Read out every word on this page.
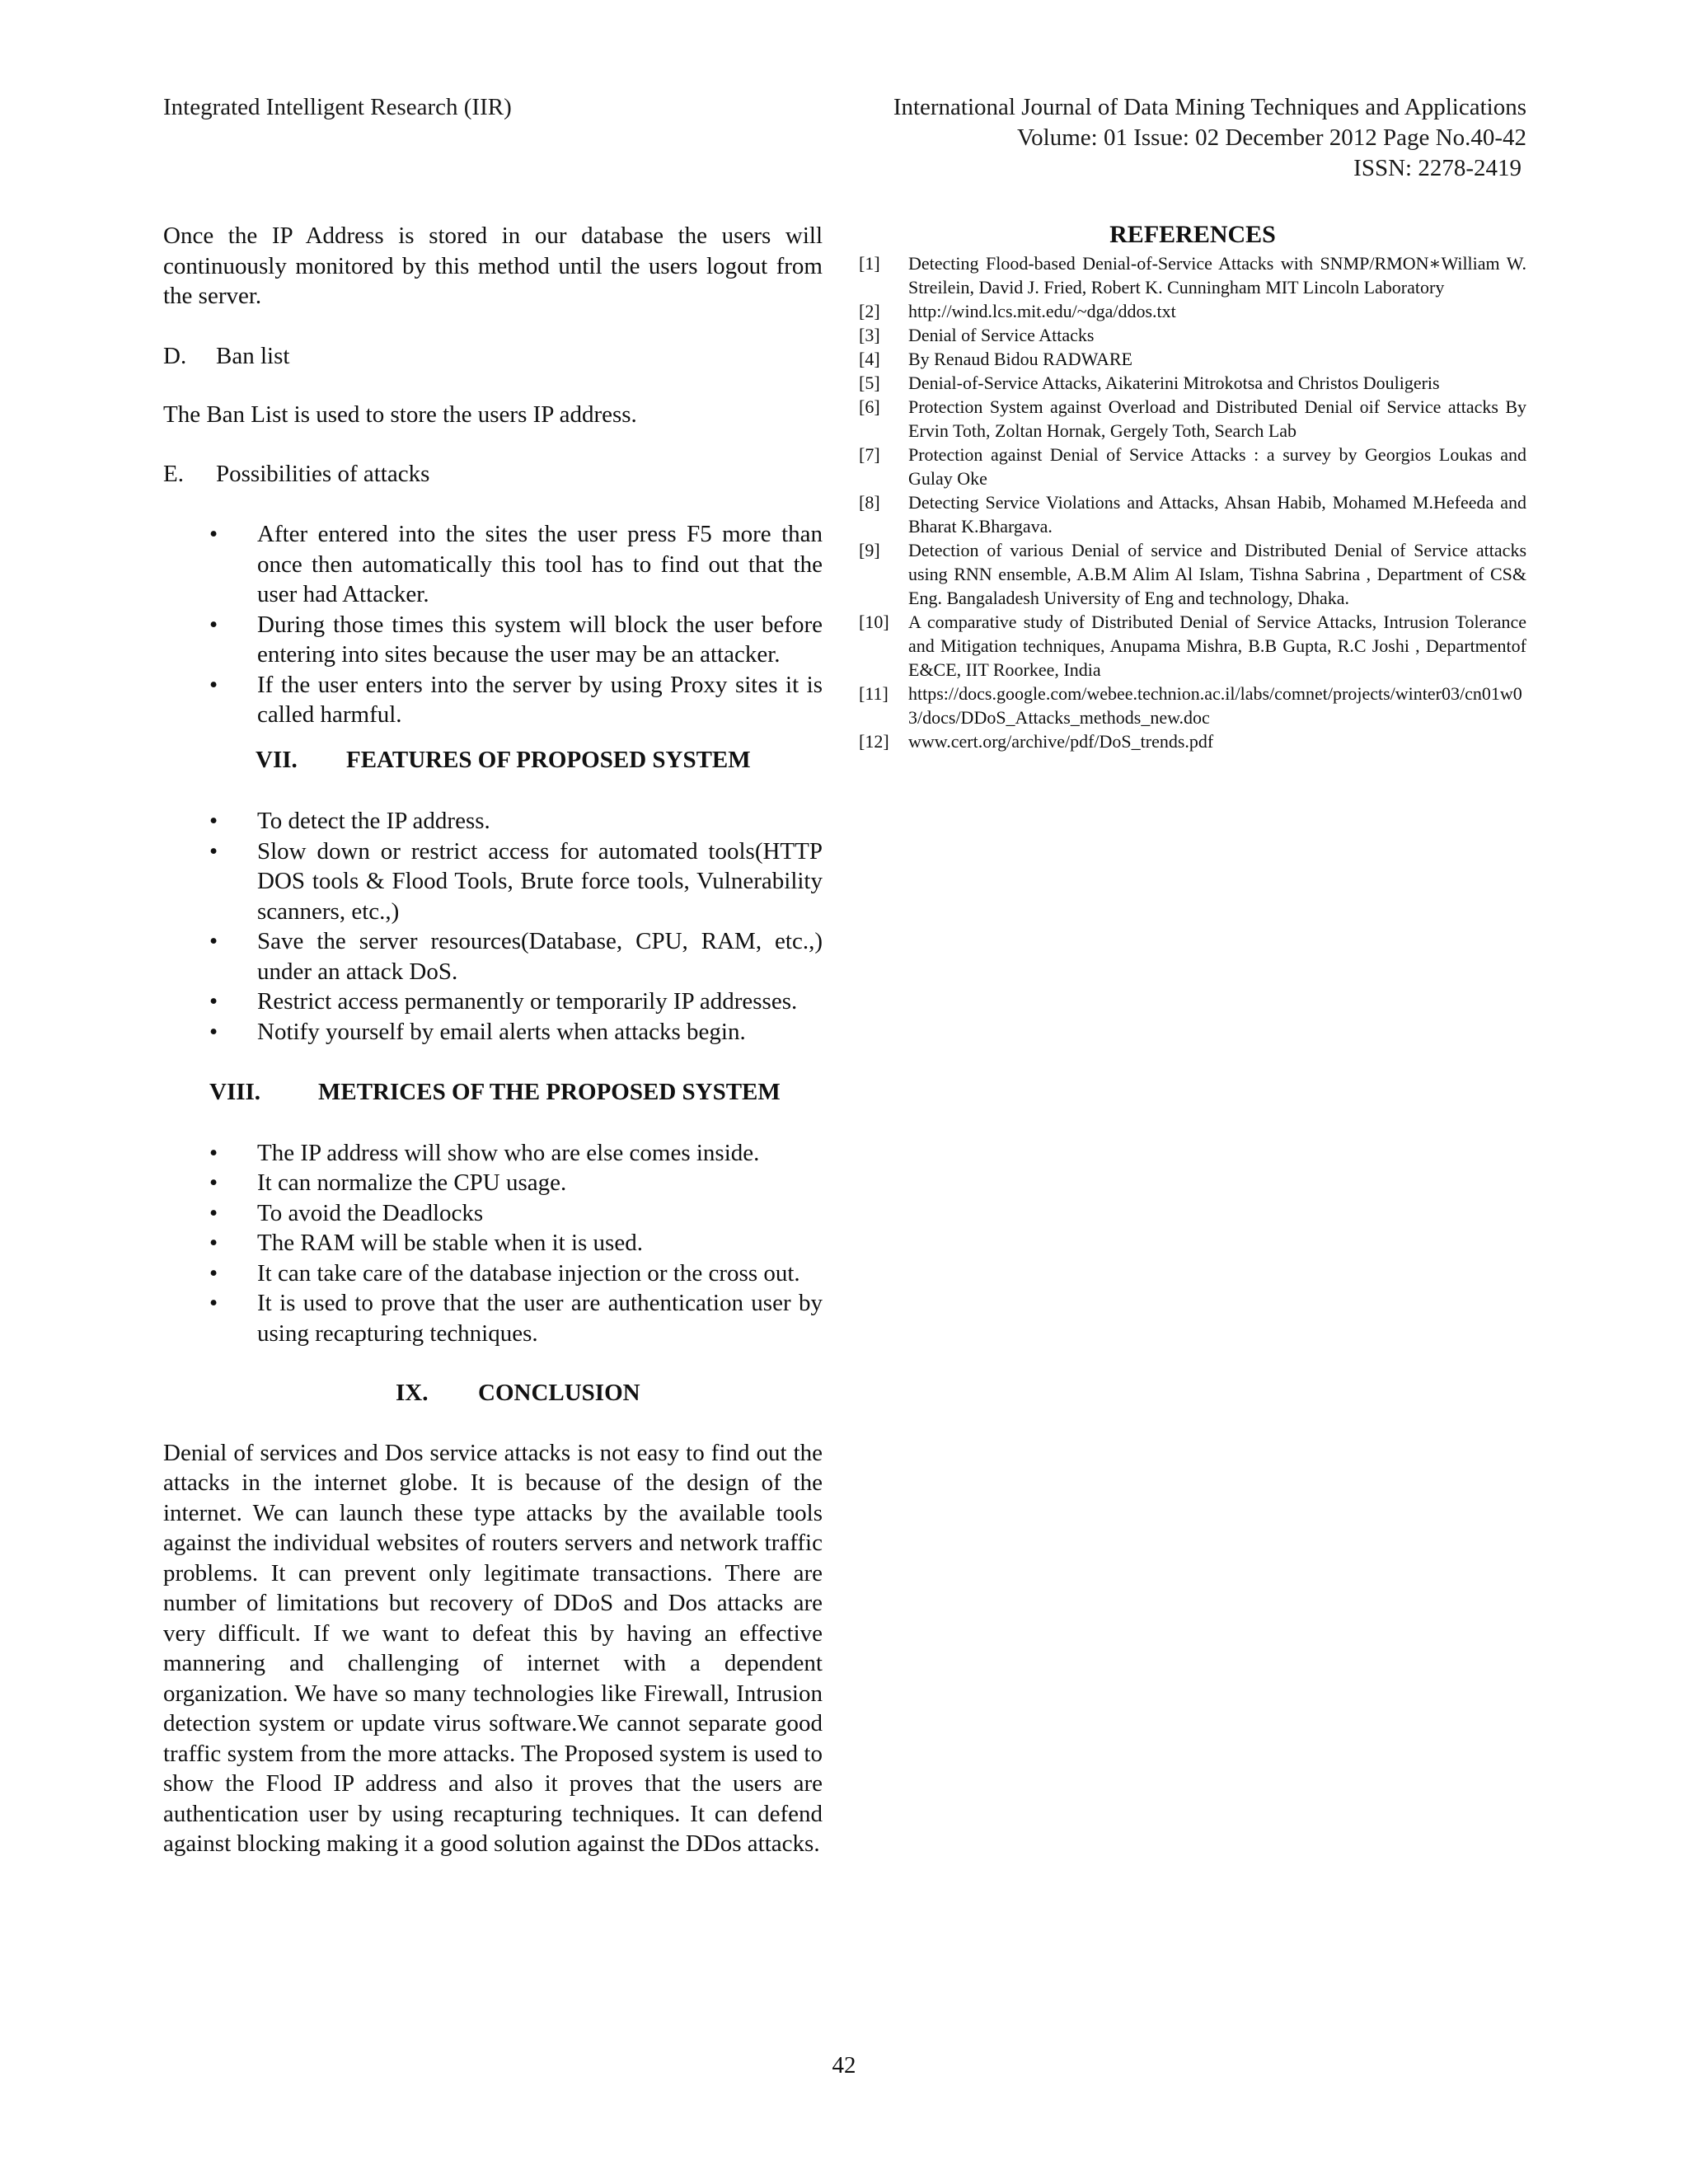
Integrated Intelligent Research (IIR)	International Journal of Data Mining Techniques and Applications
Volume: 01 Issue: 02 December 2012 Page No.40-42
ISSN: 2278-2419

Once the IP Address is stored in our database the users will continuously monitored by this method until the users logout from the server.

D. Ban list

The Ban List is used to store the users IP address.

E. Possibilities of attacks

• After entered into the sites the user press F5 more than once then automatically this tool has to find out that the user had Attacker.
• During those times this system will block the user before entering into sites because the user may be an attacker.
• If the user enters into the server by using Proxy sites it is called harmful.

VII. FEATURES OF PROPOSED SYSTEM

• To detect the IP address.
• Slow down or restrict access for automated tools(HTTP DOS tools & Flood Tools, Brute force tools, Vulnerability scanners, etc.,)
• Save the server resources(Database, CPU, RAM, etc.,) under an attack DoS.
• Restrict access permanently or temporarily IP addresses.
• Notify yourself by email alerts when attacks begin.

VIII. METRICES OF THE PROPOSED SYSTEM

• The IP address will show who are else comes inside.
• It can normalize the CPU usage.
• To avoid the Deadlocks
• The RAM will be stable when it is used.
• It can take care of the database injection or the cross out.
• It is used to prove that the user are authentication user by using recapturing techniques.

IX. CONCLUSION

Denial of services and Dos service attacks is not easy to find out the attacks in the internet globe. It is because of the design of the internet. We can launch these type attacks by the available tools against the individual websites of routers servers and network traffic problems. It can prevent only legitimate transactions. There are number of limitations but recovery of DDoS and Dos attacks are very difficult. If we want to defeat this by having an effective mannering and challenging of internet with a dependent organization. We have so many technologies like Firewall, Intrusion detection system or update virus software.We cannot separate good traffic system from the more attacks. The Proposed system is used to show the Flood IP address and also it proves that the users are authentication user by using recapturing techniques. It can defend against blocking making it a good solution against the DDos attacks.

REFERENCES

[1] Detecting Flood-based Denial-of-Service Attacks with SNMP/RMON∗William W. Streilein, David J. Fried, Robert K. Cunningham MIT Lincoln Laboratory
[2] http://wind.lcs.mit.edu/~dga/ddos.txt
[3] Denial of Service Attacks
[4] By Renaud Bidou RADWARE
[5] Denial-of-Service Attacks, Aikaterini Mitrokotsa and Christos Douligeris
[6] Protection System against Overload and Distributed Denial oif Service attacks By Ervin Toth, Zoltan Hornak, Gergely Toth, Search Lab
[7] Protection against Denial of Service Attacks : a survey by Georgios Loukas and Gulay Oke
[8] Detecting Service Violations and Attacks, Ahsan Habib, Mohamed M.Hefeeda and Bharat K.Bhargava.
[9] Detection of various Denial of service and Distributed Denial of Service attacks using RNN ensemble, A.B.M Alim Al Islam, Tishna Sabrina , Department of CS& Eng. Bangaladesh University of Eng and technology, Dhaka.
[10] A comparative study of Distributed Denial of Service Attacks, Intrusion Tolerance and Mitigation techniques, Anupama Mishra, B.B Gupta, R.C Joshi , Departmentof E&CE, IIT Roorkee, India
[11] https://docs.google.com/webee.technion.ac.il/labs/comnet/projects/winter03/cn01w03/docs/DDoS_Attacks_methods_new.doc
[12] www.cert.org/archive/pdf/DoS_trends.pdf
42
